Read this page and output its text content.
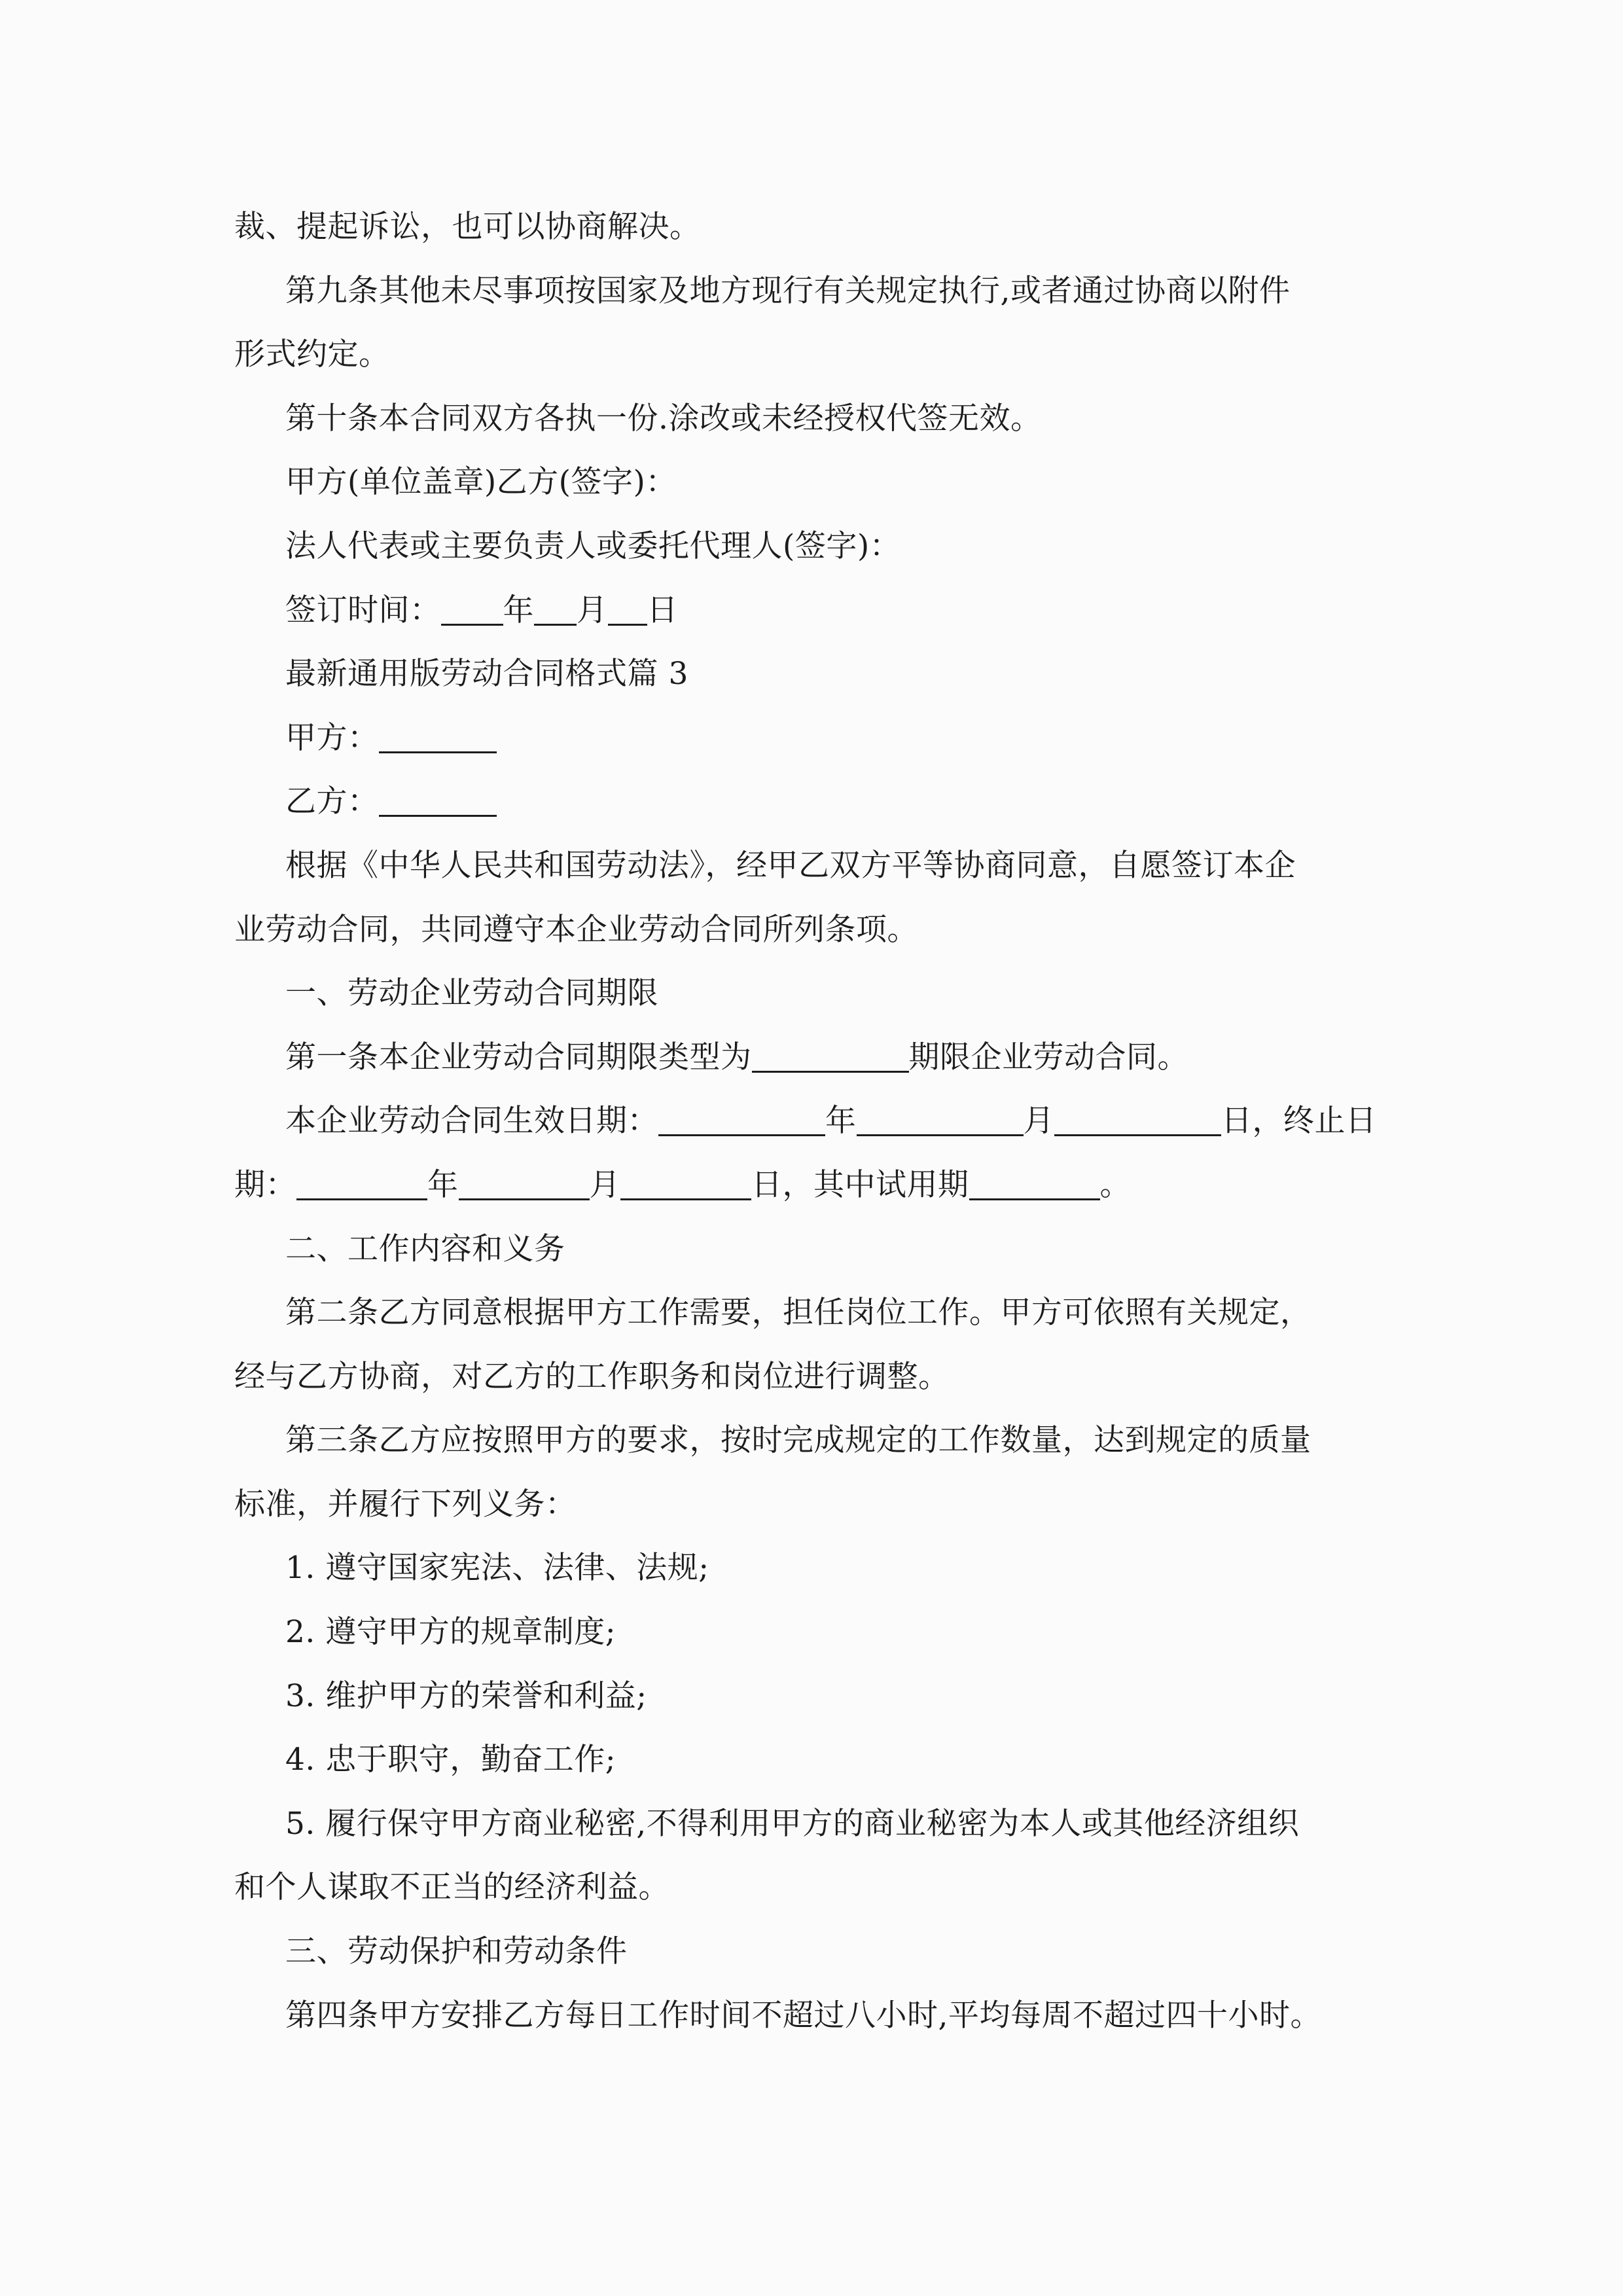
裁、提起诉讼，也可以协商解决。
第九条其他未尽事项按国家及地方现行有关规定执行,或者通过协商以附件
形式约定。
第十条本合同双方各执一份.涂改或未经授权代签无效。
甲方(单位盖章)乙方(签字)：
法人代表或主要负责人或委托代理人(签字)：
签订时间： 年 月 日
最新通用版劳动合同格式篇 3
甲方：
乙方：
根据《中华人民共和国劳动法》，经甲乙双方平等协商同意，自愿签订本企
业劳动合同，共同遵守本企业劳动合同所列条项。
一、劳动企业劳动合同期限
第一条本企业劳动合同期限类型为	期限企业劳动合同。
本企业劳动合同生效日期：	年	月	日，终止日
期：	年	月	日，其中试用期	。
二、工作内容和义务
第二条乙方同意根据甲方工作需要，担任岗位工作。甲方可依照有关规定，
经与乙方协商，对乙方的工作职务和岗位进行调整。
第三条乙方应按照甲方的要求，按时完成规定的工作数量，达到规定的质量
标准，并履行下列义务：
1. 遵守国家宪法、法律、法规;
2. 遵守甲方的规章制度;
3. 维护甲方的荣誉和利益;
4. 忠于职守，勤奋工作;
5. 履行保守甲方商业秘密,不得利用甲方的商业秘密为本人或其他经济组织
和个人谋取不正当的经济利益。
三、劳动保护和劳动条件
第四条甲方安排乙方每日工作时间不超过八小时,平均每周不超过四十小时。
